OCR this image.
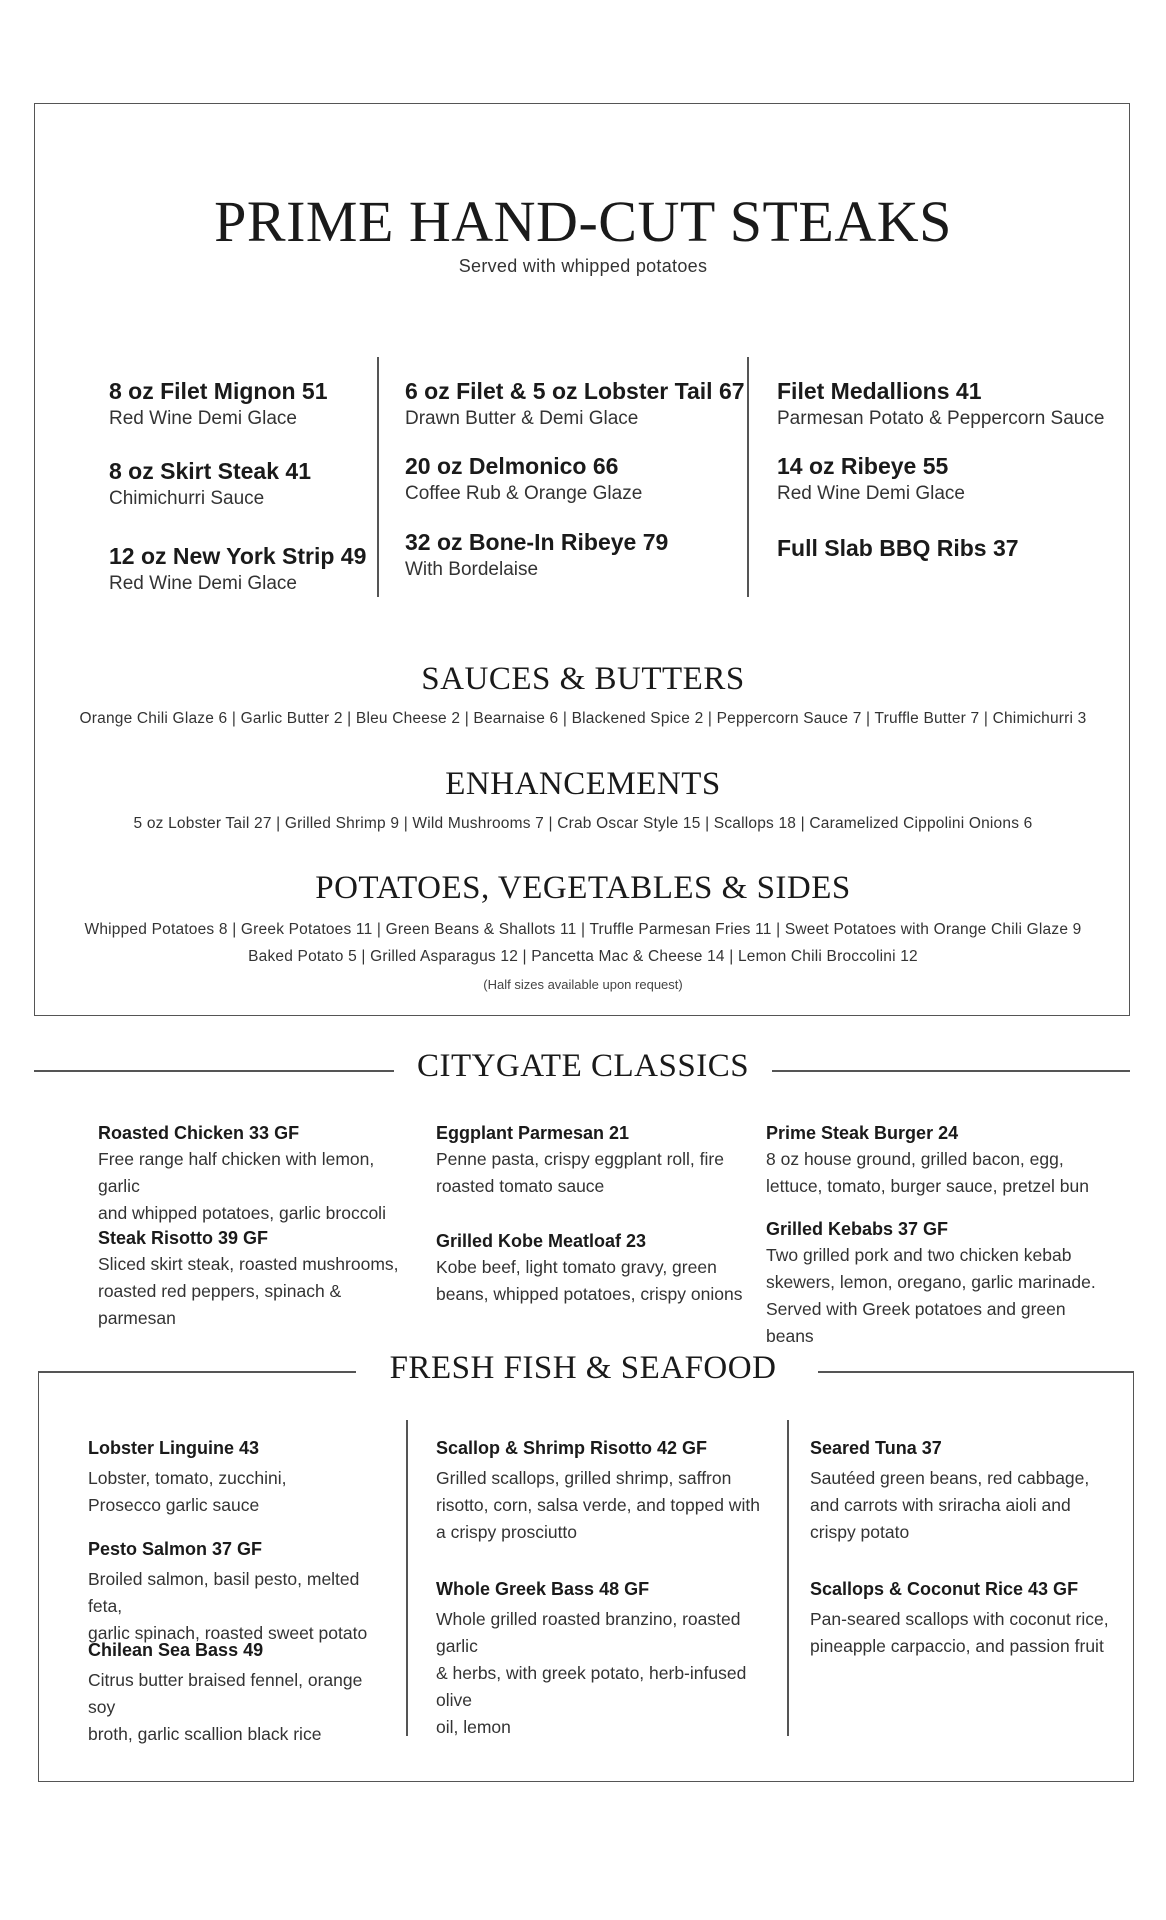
PRIME HAND-CUT STEAKS
Served with whipped potatoes
8 oz Filet Mignon 51
Red Wine Demi Glace
8 oz Skirt Steak 41
Chimichurri Sauce
12 oz New York Strip 49
Red Wine Demi Glace
6 oz Filet & 5 oz Lobster Tail 67
Drawn Butter & Demi Glace
20 oz Delmonico 66
Coffee Rub & Orange Glaze
32 oz Bone-In Ribeye 79
With Bordelaise
Filet Medallions 41
Parmesan Potato & Peppercorn Sauce
14 oz Ribeye 55
Red Wine Demi Glace
Full Slab BBQ Ribs 37
SAUCES & BUTTERS
Orange Chili Glaze 6 | Garlic Butter 2 | Bleu Cheese 2 | Bearnaise 6 | Blackened Spice 2 | Peppercorn Sauce 7 | Truffle Butter 7 | Chimichurri 3
ENHANCEMENTS
5 oz Lobster Tail 27 | Grilled Shrimp 9 | Wild Mushrooms 7 | Crab Oscar Style 15 | Scallops 18 | Caramelized Cippolini Onions 6
POTATOES, VEGETABLES & SIDES
Whipped Potatoes 8 | Greek Potatoes 11 | Green Beans & Shallots 11 | Truffle Parmesan Fries 11 | Sweet Potatoes with Orange Chili Glaze 9
Baked Potato 5 | Grilled Asparagus 12 | Pancetta Mac & Cheese 14 | Lemon Chili Broccolini 12
(Half sizes available upon request)
CITYGATE CLASSICS
Roasted Chicken 33 GF
Free range half chicken with lemon, garlic
and whipped potatoes, garlic broccoli
Steak Risotto 39 GF
Sliced skirt steak, roasted mushrooms,
roasted red peppers, spinach & parmesan
Eggplant Parmesan 21
Penne pasta, crispy eggplant roll, fire
roasted tomato sauce
Grilled Kobe Meatloaf 23
Kobe beef, light tomato gravy, green
beans, whipped potatoes, crispy onions
Prime Steak Burger 24
8 oz house ground, grilled bacon, egg,
lettuce, tomato, burger sauce, pretzel bun
Grilled Kebabs 37 GF
Two grilled pork and two chicken kebab
skewers, lemon, oregano, garlic marinade.
Served with Greek potatoes and green beans
FRESH FISH & SEAFOOD
Lobster Linguine 43
Lobster, tomato, zucchini,
Prosecco garlic sauce
Pesto Salmon 37 GF
Broiled salmon, basil pesto, melted feta,
garlic spinach, roasted sweet potato
Chilean Sea Bass 49
Citrus butter braised fennel, orange soy
broth, garlic scallion black rice
Scallop & Shrimp Risotto 42 GF
Grilled scallops, grilled shrimp, saffron
risotto, corn, salsa verde, and topped with
a crispy prosciutto
Whole Greek Bass 48 GF
Whole grilled roasted branzino, roasted garlic
& herbs, with greek potato, herb-infused olive
oil, lemon
Seared Tuna 37
Sautéed green beans, red cabbage,
and carrots with sriracha aioli and
crispy potato
Scallops & Coconut Rice 43 GF
Pan-seared scallops with coconut rice,
pineapple carpaccio, and passion fruit
